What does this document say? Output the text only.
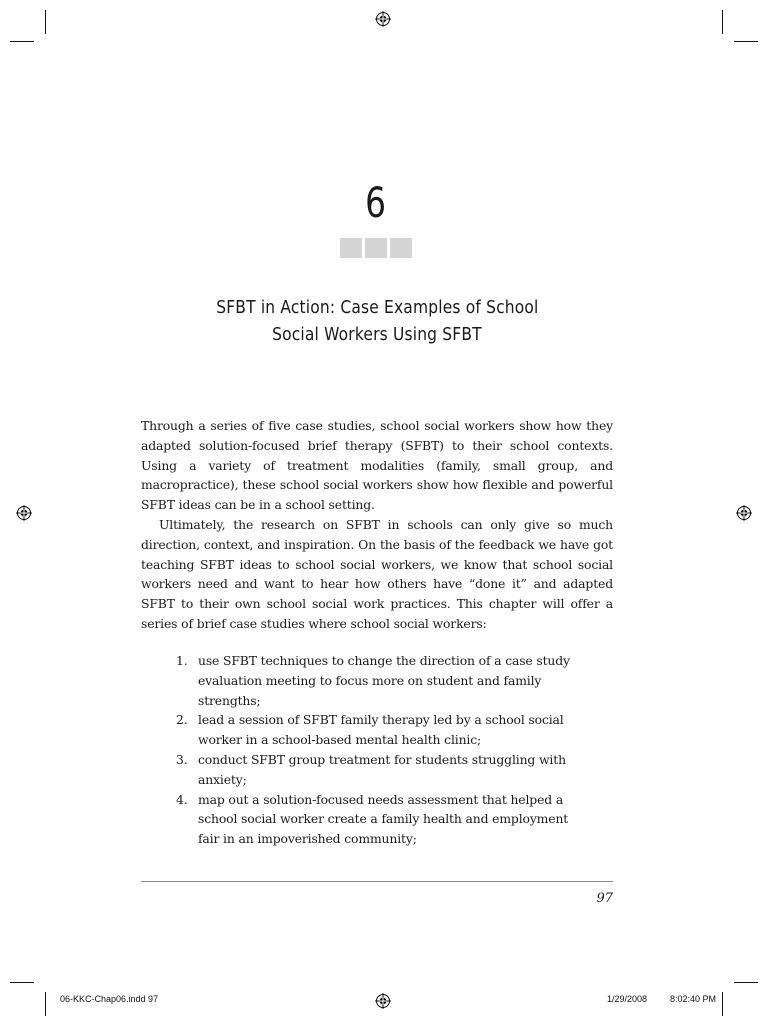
6
SFBT in Action: Case Examples of School
Social Workers Using SFBT

Through a series of five case studies, school social workers show how they adapted solution-focused brief therapy (SFBT) to their school contexts. Using a variety of treatment modalities (family, small group, and macropractice), these school social workers show how flexible and powerful SFBT ideas can be in a school setting.

Ultimately, the research on SFBT in schools can only give so much direction, context, and inspiration. On the basis of the feedback we have got teaching SFBT ideas to school social workers, we know that school social workers need and want to hear how others have “done it” and adapted SFBT to their own school social work practices. This chapter will offer a series of brief case studies where school social workers:

1. use SFBT techniques to change the direction of a case study evaluation meeting to focus more on student and family strengths;
2. lead a session of SFBT family therapy led by a school social worker in a school-based mental health clinic;
3. conduct SFBT group treatment for students struggling with anxiety;
4. map out a solution-focused needs assessment that helped a school social worker create a family health and employment fair in an impoverished community;
97
06-KKC-Chap06.indd 97	1/29/2008	8:02:40 PM
